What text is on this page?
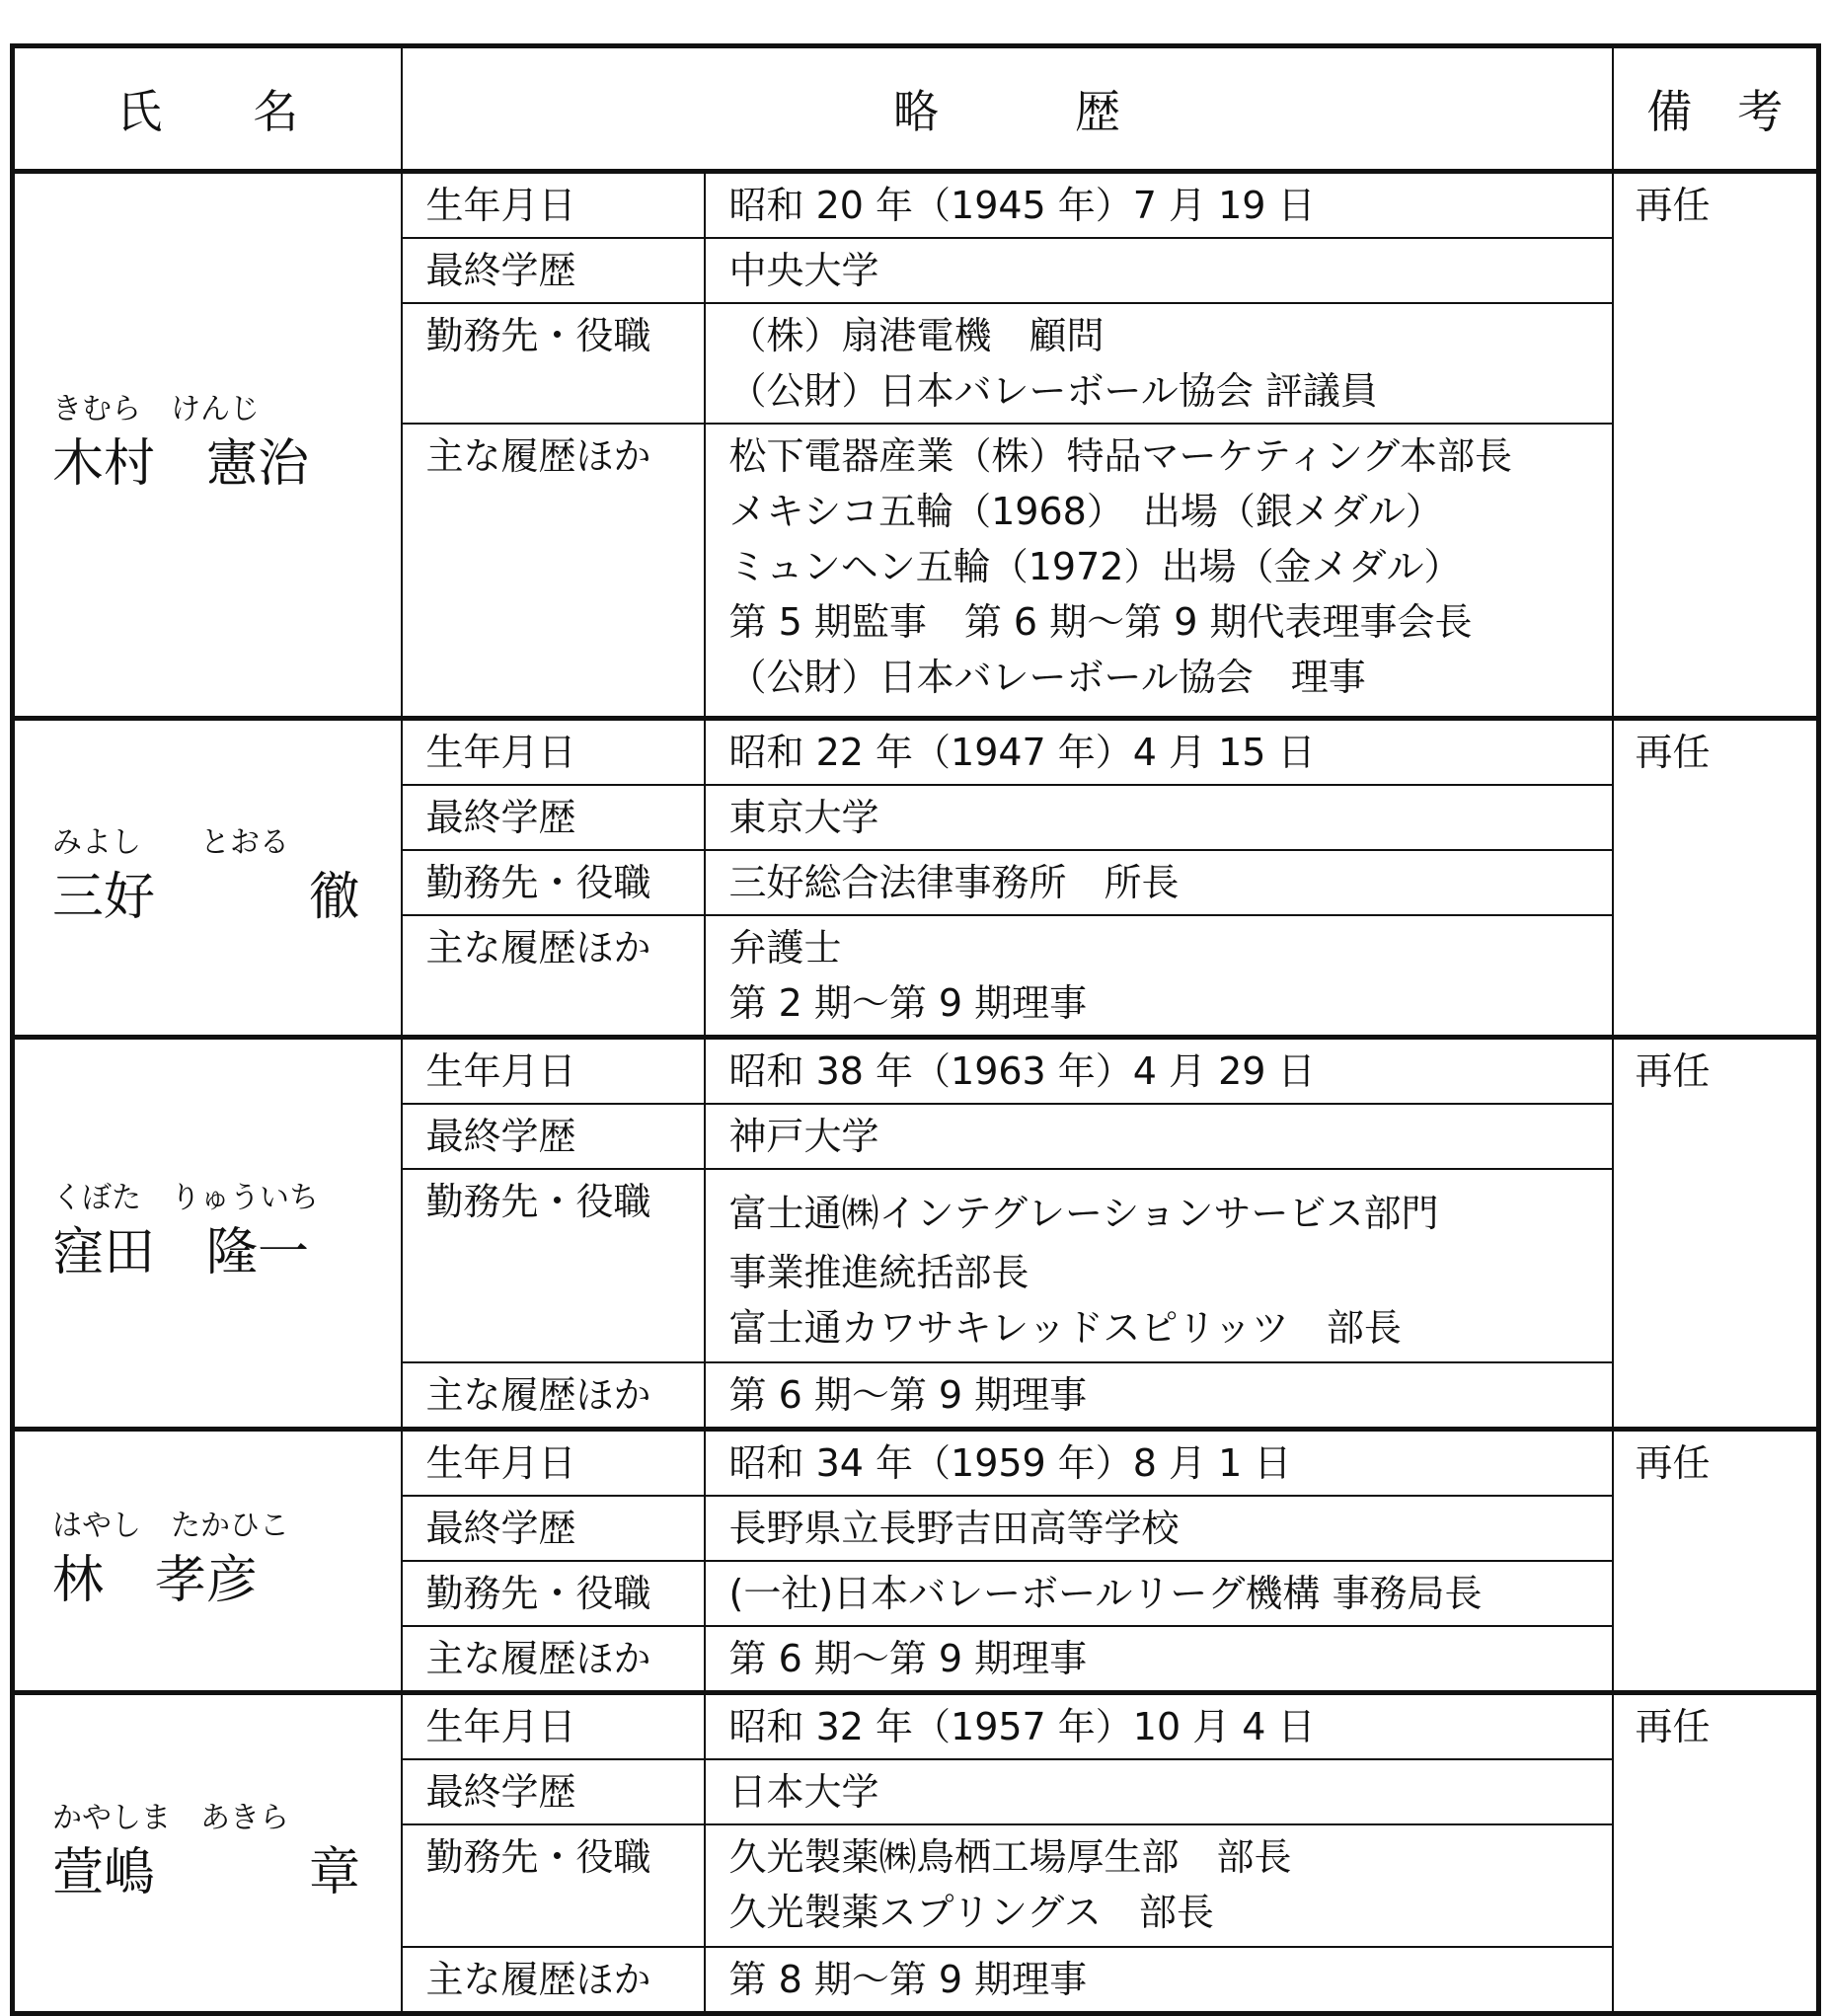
氏　　名	略　　　歴		備　考

きむら　けんじ
木村　憲治	生年月日	昭和 20 年（1945 年）7 月 19 日	再任
	最終学歴	中央大学	
	勤務先・役職	（株）扇港電機　顧問
（公財）日本バレーボール協会 評議員	

	主な履歴ほか	松下電器産業（株）特品マーケティング本部長
メキシコ五輪（1968）　出場（銀メダル）
ミュンヘン五輪（1972）出場（金メダル）
第 5 期監事　第 6 期～第 9 期代表理事会長
（公財）日本バレーボール協会　理事	

みよし　　とおる
三好　　　徹	生年月日	昭和 22 年（1947 年）4 月 15 日	再任
	最終学歴	東京大学	
	勤務先・役職	三好総合法律事務所　所長	

	主な履歴ほか	弁護士
第 2 期～第 9 期理事	

くぼた　りゅういち
窪田　隆一	生年月日	昭和 38 年（1963 年）4 月 29 日	再任
	最終学歴	神戸大学	
	勤務先・役職	富士通㈱インテグレーションサービス部門
事業推進統括部長
富士通カワサキレッドスピリッツ　部長	

	主な履歴ほか	第 6 期～第 9 期理事	

はやし　たかひこ
林　孝彦	生年月日	昭和 34 年（1959 年）8 月 1 日	再任
	最終学歴	長野県立長野吉田高等学校	
	勤務先・役職	(一社)日本バレーボールリーグ機構 事務局長	

	主な履歴ほか	第 6 期～第 9 期理事	

かやしま　あきら
萱嶋　　　章	生年月日	昭和 32 年（1957 年）10 月 4 日	再任
	最終学歴	日本大学	
	勤務先・役職	久光製薬㈱鳥栖工場厚生部　部長
久光製薬スプリングス　部長	

	主な履歴ほか	第 8 期～第 9 期理事	
